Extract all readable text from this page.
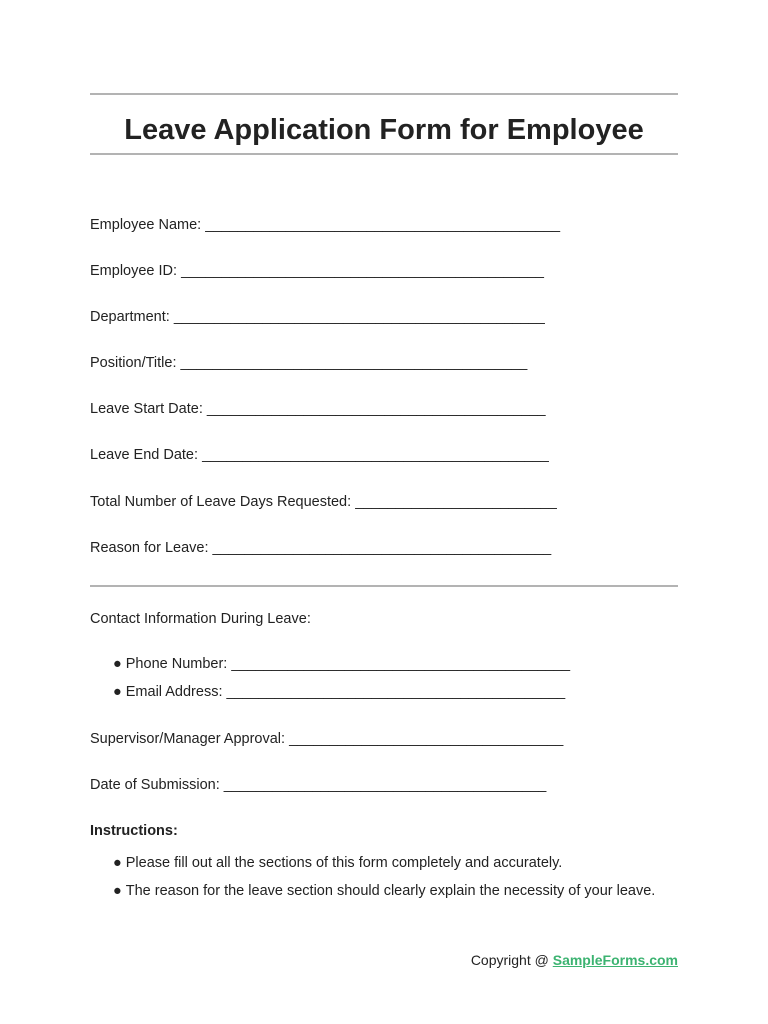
Leave Application Form for Employee
Employee Name: ____________________________________________
Employee ID: _____________________________________________
Department: ______________________________________________
Position/Title: ___________________________________________
Leave Start Date: __________________________________________
Leave End Date: ___________________________________________
Total Number of Leave Days Requested: _________________________
Reason for Leave: __________________________________________
Contact Information During Leave:
● Phone Number: __________________________________________
● Email Address: __________________________________________
Supervisor/Manager Approval: __________________________________
Date of Submission: ________________________________________
Instructions:
● Please fill out all the sections of this form completely and accurately.
● The reason for the leave section should clearly explain the necessity of your leave.
Copyright @ SampleForms.com
